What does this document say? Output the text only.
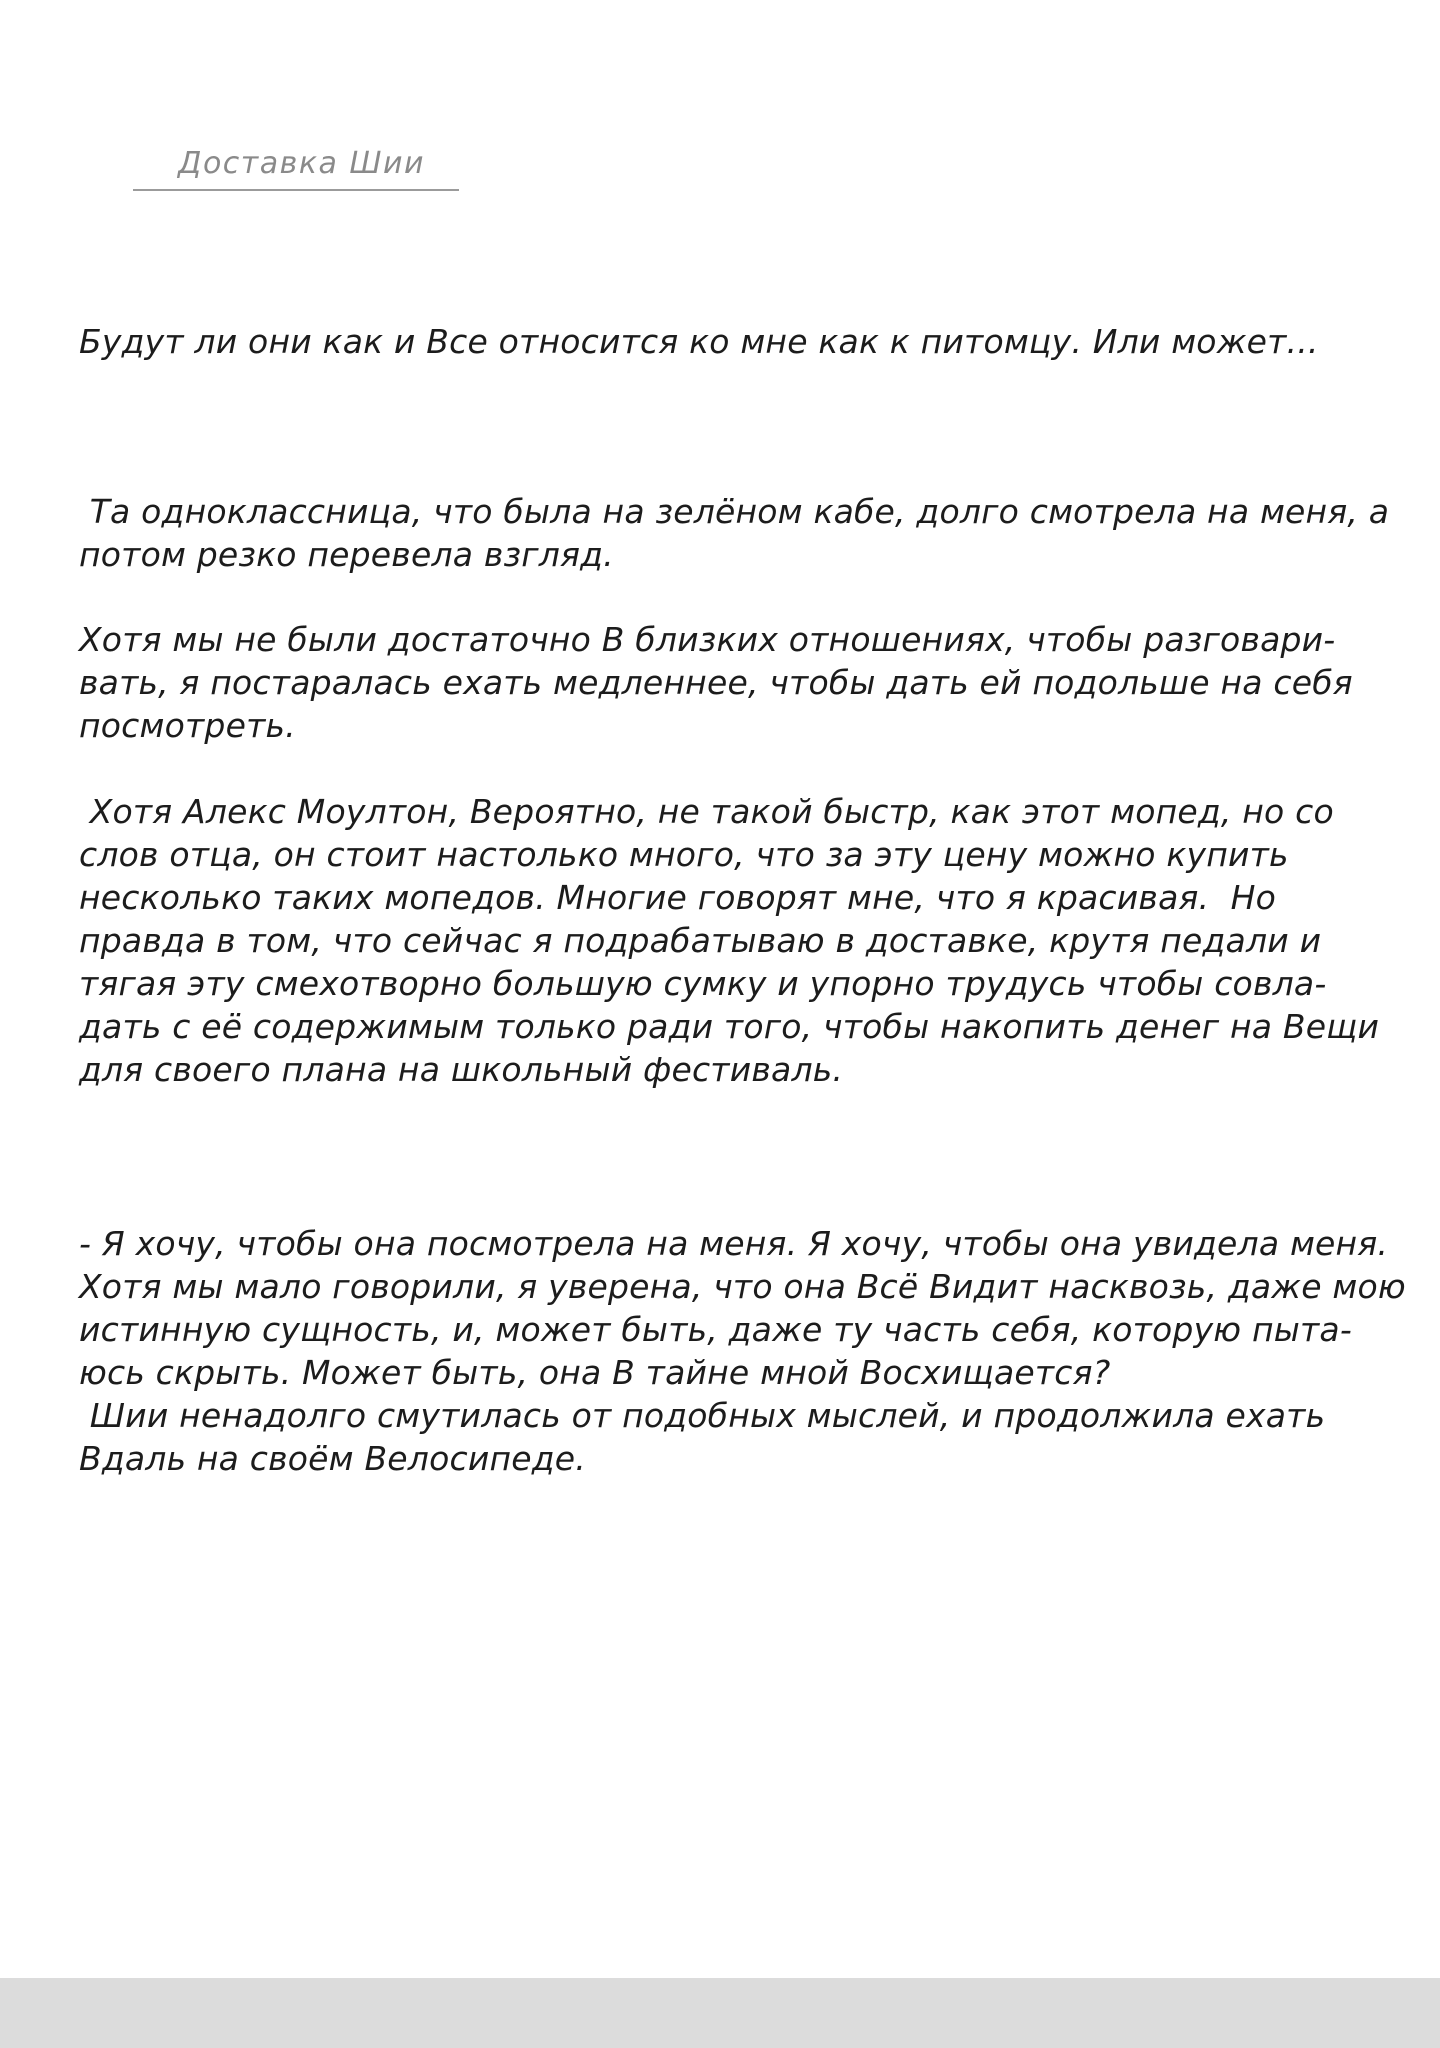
Доставка Шии
Будут ли они как и Все относится ко мне как к питомцу. Или может...
Та одноклассница, что была на зелёном кабе, долго смотрела на меня, а
потом резко перевела взгляд.
Хотя мы не были достаточно В близких отношениях, чтобы разговари-
вать, я постаралась ехать медленнее, чтобы дать ей подольше на себя
посмотреть.
Хотя Алекс Моултон, Вероятно, не такой быстр, как этот мопед, но со
слов отца, он стоит настолько много, что за эту цену можно купить
несколько таких мопедов. Многие говорят мне, что я красивая.  Но
правда в том, что сейчас я подрабатываю в доставке, крутя педали и
тягая эту смехотворно большую сумку и упорно трудусь чтобы совла-
дать с её содержимым только ради того, чтобы накопить денег на Вещи
для своего плана на школьный фестиваль.
- Я хочу, чтобы она посмотрела на меня. Я хочу, чтобы она увидела меня.
Хотя мы мало говорили, я уверена, что она Всё Видит насквозь, даже мою
истинную сущность, и, может быть, даже ту часть себя, которую пыта-
юсь скрыть. Может быть, она В тайне мной Восхищается?
Шии ненадолго смутилась от подобных мыслей, и продолжила ехать
Вдаль на своём Велосипеде.
